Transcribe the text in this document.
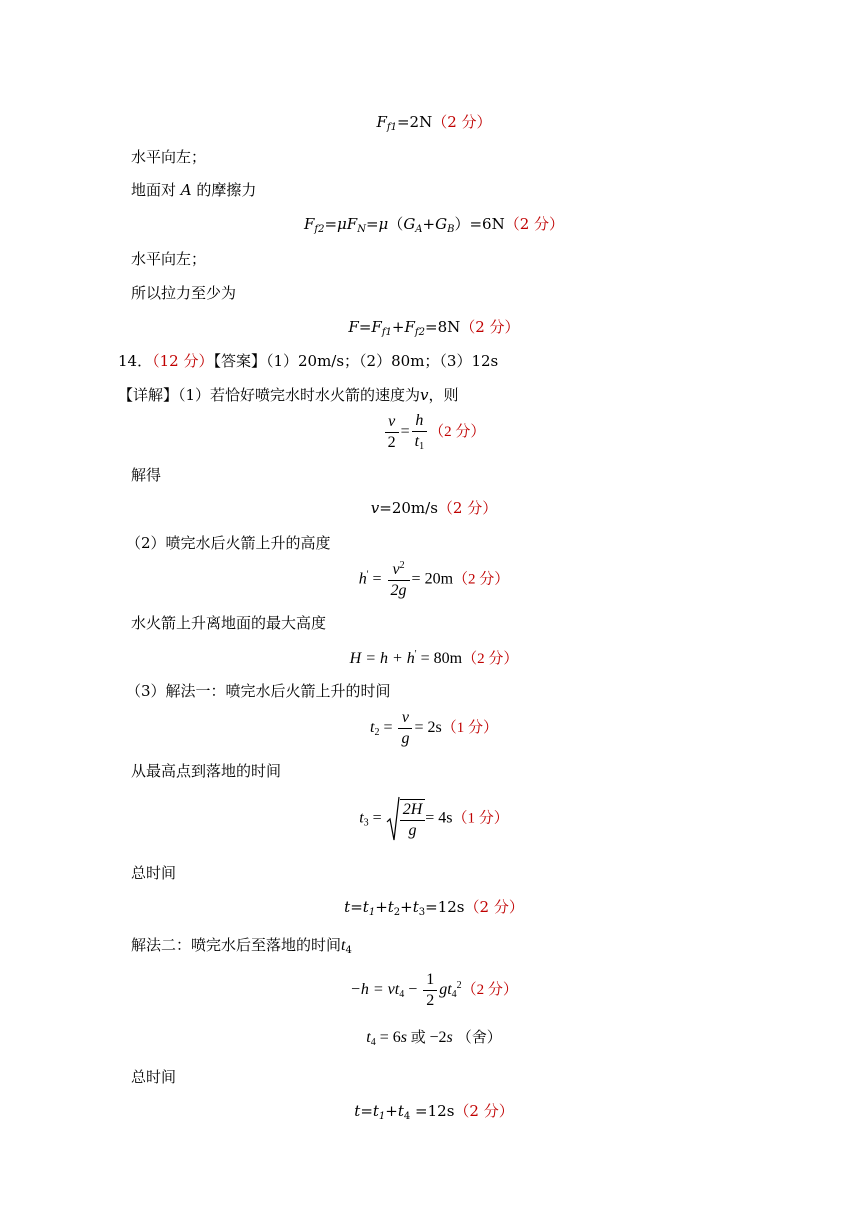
$F_{f1}=2N(2$ 分）
水平向左；
地面对 A 的摩擦力
$F_{f2}=\mu F_N=\mu(G_A+G_B)=6N(2$ 分）
水平向左；
所以拉力至少为
$F=F_{f1}+F_{f2}=8N(2$ 分）
14．（12 分）【答案】（1）20m/s；（2）80m；（3）12s
【详解】（1）若恰好喷完水时水火箭的速度为v，则
$\frac{v}{2} = \frac{h}{t_1} (2$ 分）
解得
v=20m/s（2 分）
（2）喷完水后火箭上升的高度
$h' = \frac{v^2}{2g} = 20m(2$ 分）
水火箭上升离地面的最大高度
H = h + h' = 80m（2 分）
（3）解法一：喷完水后火箭上升的时间
$t_2 = \frac{v}{g} = 2s(1$ 分）
从最高点到落地的时间
$t_3 = \frac{2H}{g} = 4s(1$ 分）
总时间
$t=t_1+t_2+t_3=12s(2$ 分）
解法二：喷完水后至落地的时间$t_4$
$-h = vt_4 - \frac{1}{2} gt_4^2(2$ 分）
$t_4 = 6s$ 或 −2s （舍）
总时间
$t=t_1+t_4 =12s(2$ 分）
